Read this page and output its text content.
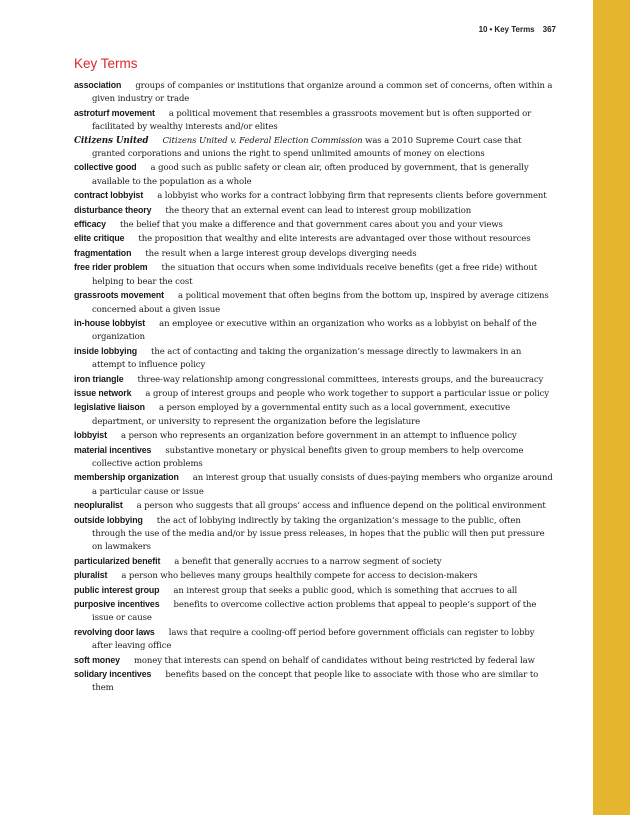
10 • Key Terms 367
Key Terms
association groups of companies or institutions that organize around a common set of concerns, often within a given industry or trade
astroturf movement a political movement that resembles a grassroots movement but is often supported or facilitated by wealthy interests and/or elites
Citizens United Citizens United v. Federal Election Commission was a 2010 Supreme Court case that granted corporations and unions the right to spend unlimited amounts of money on elections
collective good a good such as public safety or clean air, often produced by government, that is generally available to the population as a whole
contract lobbyist a lobbyist who works for a contract lobbying firm that represents clients before government
disturbance theory the theory that an external event can lead to interest group mobilization
efficacy the belief that you make a difference and that government cares about you and your views
elite critique the proposition that wealthy and elite interests are advantaged over those without resources
fragmentation the result when a large interest group develops diverging needs
free rider problem the situation that occurs when some individuals receive benefits (get a free ride) without helping to bear the cost
grassroots movement a political movement that often begins from the bottom up, inspired by average citizens concerned about a given issue
in-house lobbyist an employee or executive within an organization who works as a lobbyist on behalf of the organization
inside lobbying the act of contacting and taking the organization’s message directly to lawmakers in an attempt to influence policy
iron triangle three-way relationship among congressional committees, interests groups, and the bureaucracy
issue network a group of interest groups and people who work together to support a particular issue or policy
legislative liaison a person employed by a governmental entity such as a local government, executive department, or university to represent the organization before the legislature
lobbyist a person who represents an organization before government in an attempt to influence policy
material incentives substantive monetary or physical benefits given to group members to help overcome collective action problems
membership organization an interest group that usually consists of dues-paying members who organize around a particular cause or issue
neopluralist a person who suggests that all groups’ access and influence depend on the political environment
outside lobbying the act of lobbying indirectly by taking the organization’s message to the public, often through the use of the media and/or by issue press releases, in hopes that the public will then put pressure on lawmakers
particularized benefit a benefit that generally accrues to a narrow segment of society
pluralist a person who believes many groups healthily compete for access to decision-makers
public interest group an interest group that seeks a public good, which is something that accrues to all
purposive incentives benefits to overcome collective action problems that appeal to people’s support of the issue or cause
revolving door laws laws that require a cooling-off period before government officials can register to lobby after leaving office
soft money money that interests can spend on behalf of candidates without being restricted by federal law
solidary incentives benefits based on the concept that people like to associate with those who are similar to them
